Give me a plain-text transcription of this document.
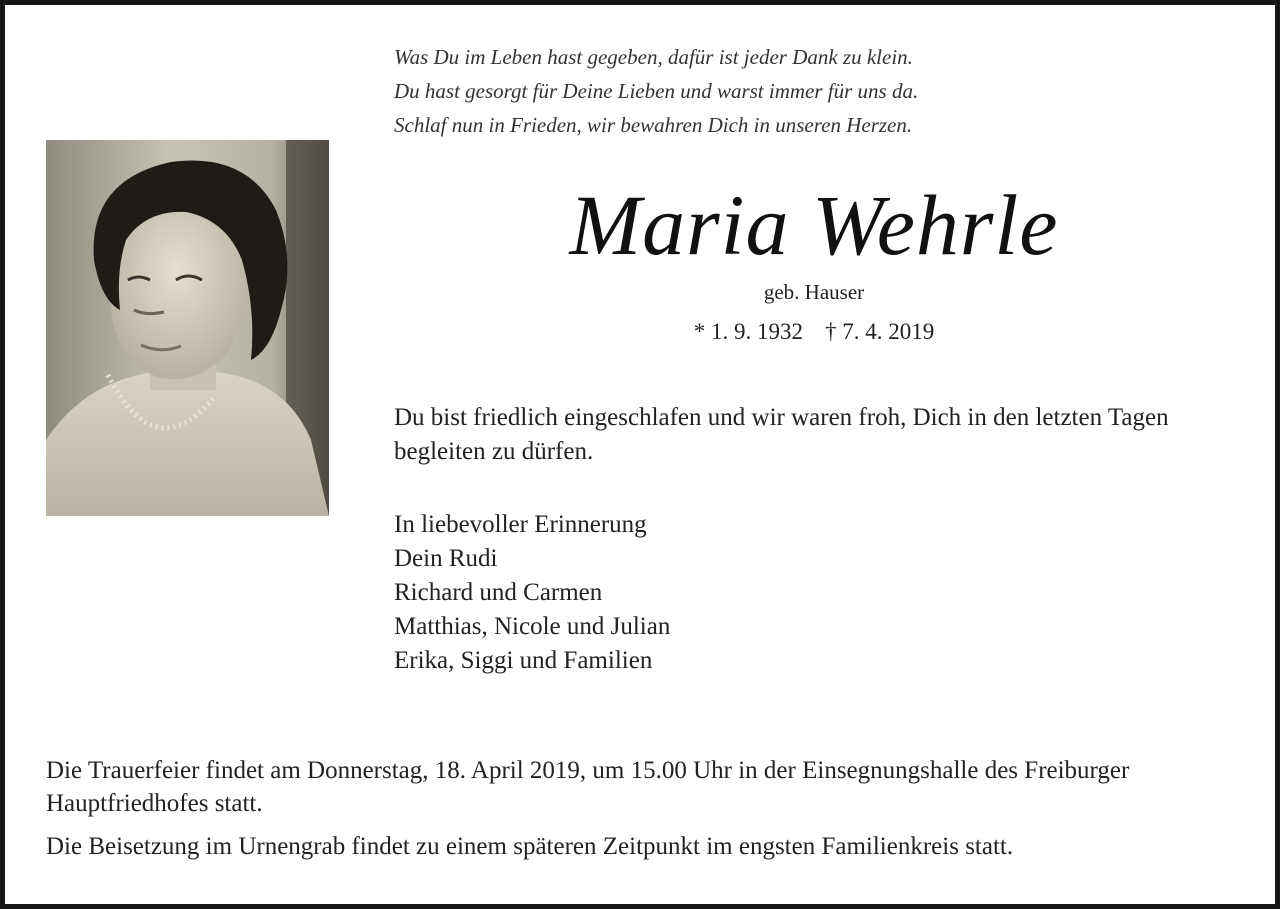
Was Du im Leben hast gegeben, dafür ist jeder Dank zu klein.
Du hast gesorgt für Deine Lieben und warst immer für uns da.
Schlaf nun in Frieden, wir bewahren Dich in unseren Herzen.
Maria Wehrle
geb. Hauser
* 1. 9. 1932 † 7. 4. 2019
Du bist friedlich eingeschlafen und wir waren froh, Dich in den letzten Tagen begleiten zu dürfen.
In liebevoller Erinnerung
Dein Rudi
Richard und Carmen
Matthias, Nicole und Julian
Erika, Siggi und Familien
Die Trauerfeier findet am Donnerstag, 18. April 2019, um 15.00 Uhr in der Einsegnungshalle des Freiburger Hauptfriedhofes statt.
Die Beisetzung im Urnengrab findet zu einem späteren Zeitpunkt im engsten Familienkreis statt.
